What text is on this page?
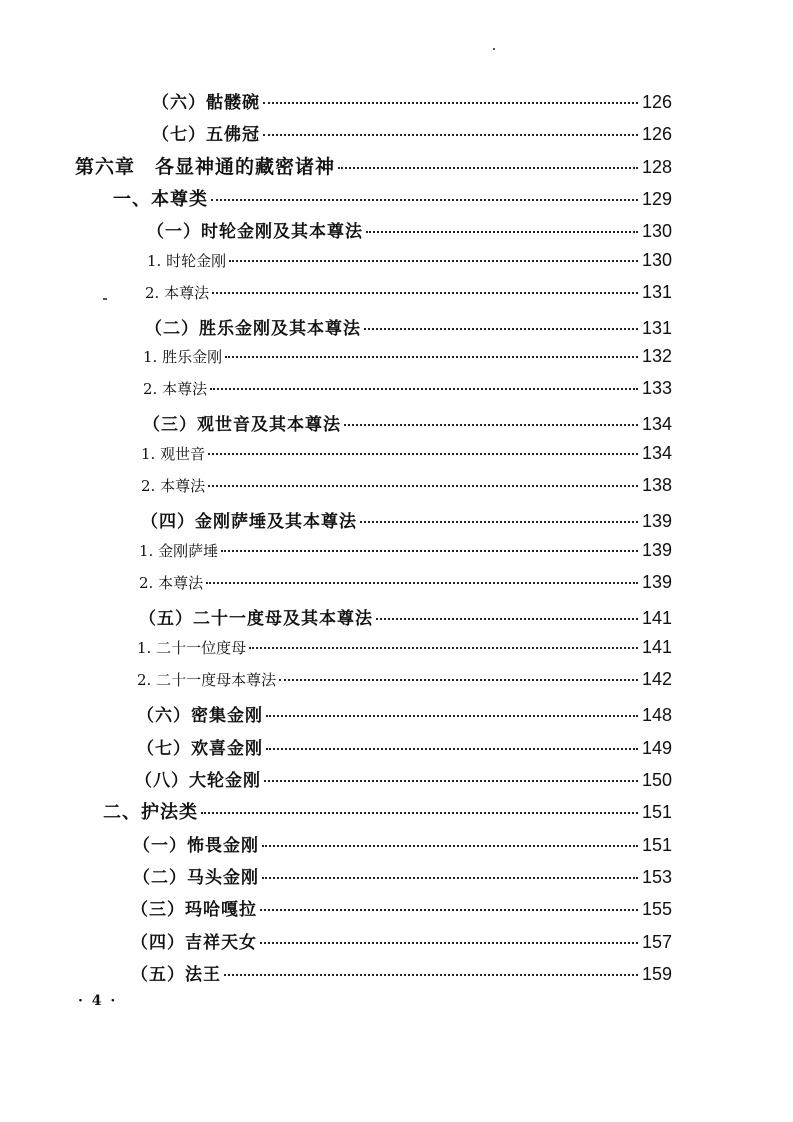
（六）骷髅碗	126
（七）五佛冠	126
第六章　各显神通的藏密诸神	128
一、本尊类	129
（一）时轮金刚及其本尊法	130
1. 时轮金刚	130
2. 本尊法	131
（二）胜乐金刚及其本尊法	131
1. 胜乐金刚	132
2. 本尊法	133
（三）观世音及其本尊法	134
1. 观世音	134
2. 本尊法	138
（四）金刚萨埵及其本尊法	139
1. 金刚萨埵	139
2. 本尊法	139
（五）二十一度母及其本尊法	141
1. 二十一位度母	141
2. 二十一度母本尊法	142
（六）密集金刚	148
（七）欢喜金刚	149
（八）大轮金刚	150
二、护法类	151
（一）怖畏金刚	151
（二）马头金刚	153
（三）玛哈嘎拉	155
（四）吉祥天女	157
（五）法王	159
· 4 ·
